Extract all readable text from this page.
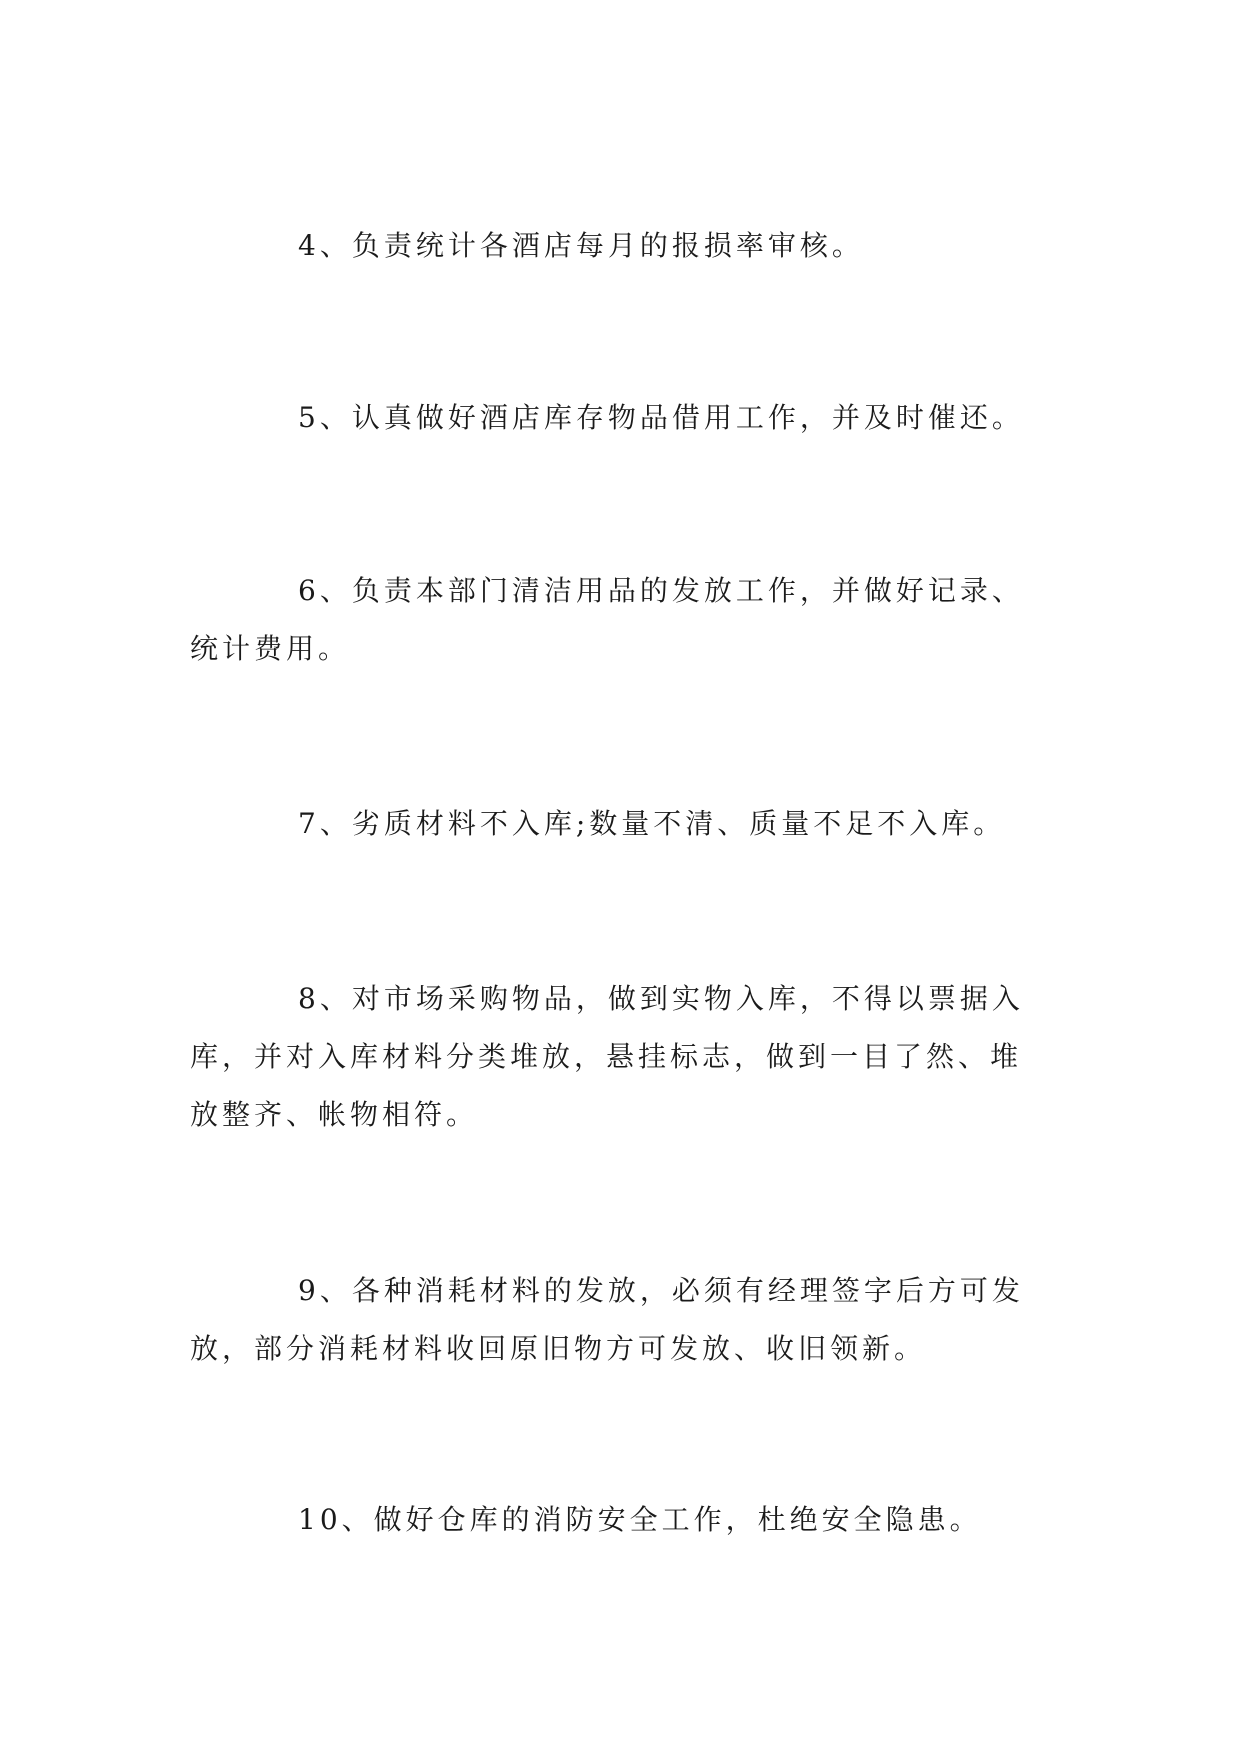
4、负责统计各酒店每月的报损率审核。

5、认真做好酒店库存物品借用工作，并及时催还。

6、负责本部门清洁用品的发放工作，并做好记录、统计费用。

7、劣质材料不入库;数量不清、质量不足不入库。

8、对市场采购物品，做到实物入库，不得以票据入库，并对入库材料分类堆放，悬挂标志，做到一目了然、堆放整齐、帐物相符。

9、各种消耗材料的发放，必须有经理签字后方可发放，部分消耗材料收回原旧物方可发放、收旧领新。

10、做好仓库的消防安全工作，杜绝安全隐患。
